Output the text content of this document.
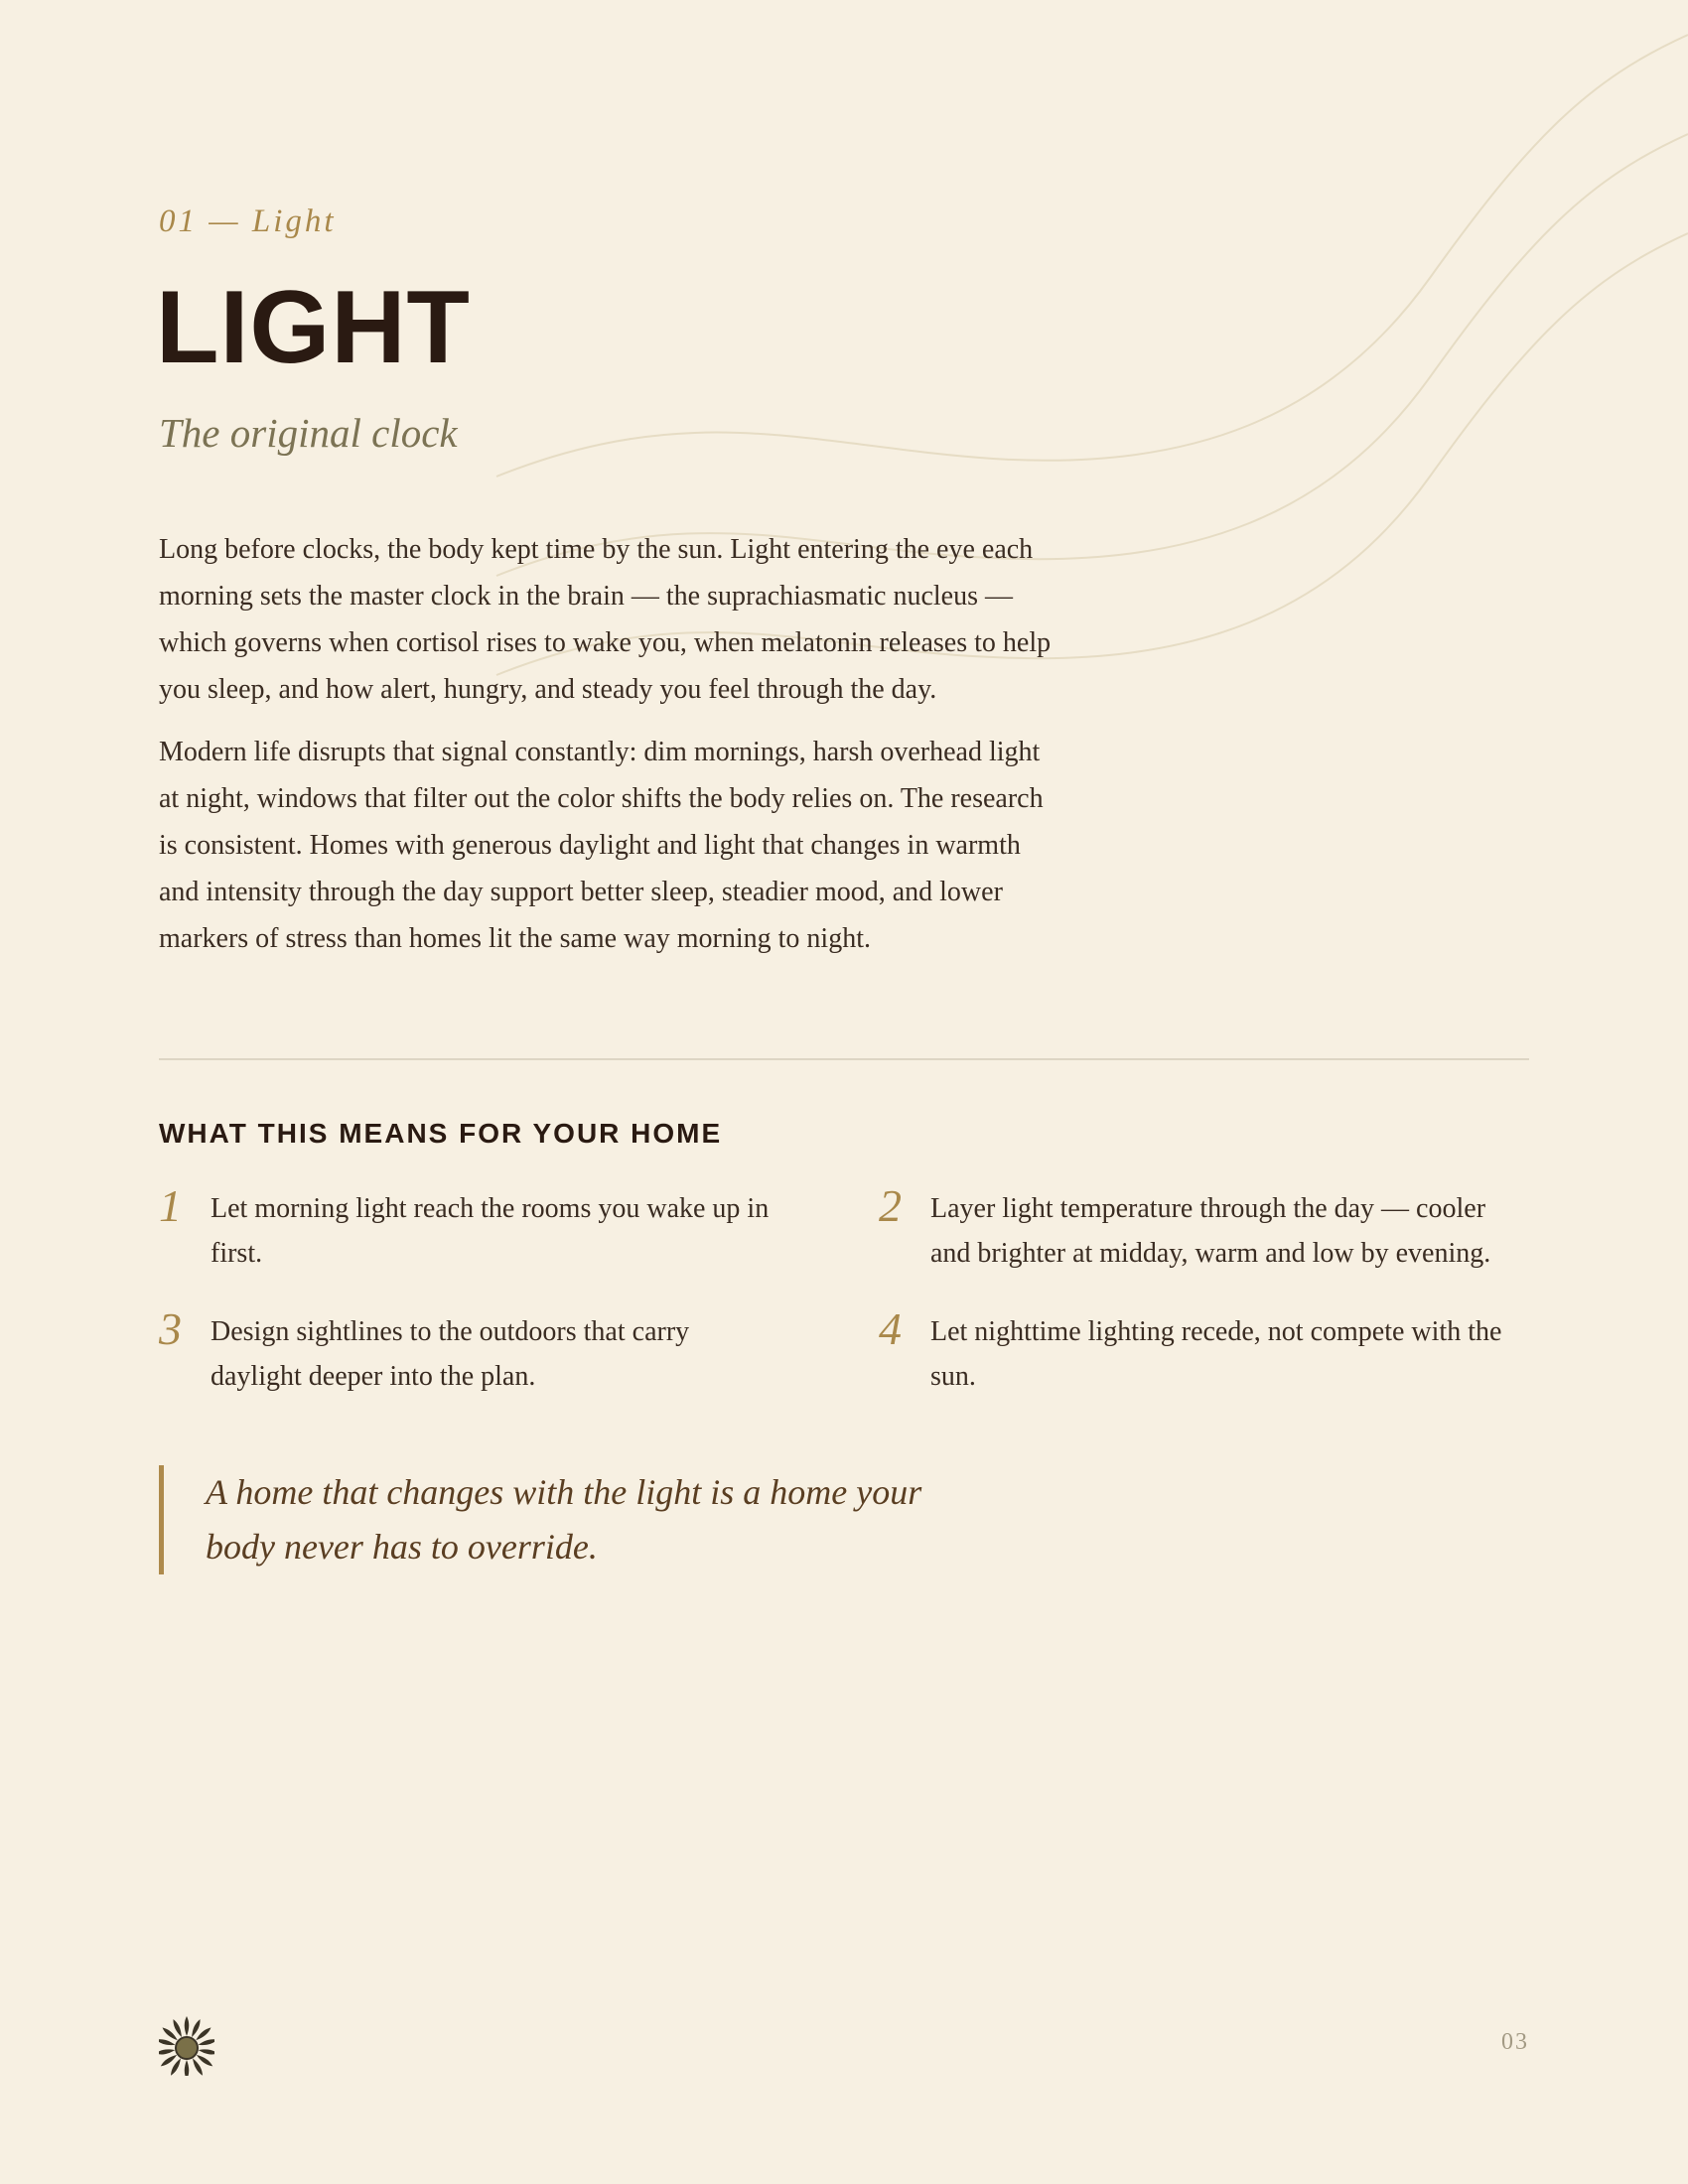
01 — Light
LIGHT
The original clock

Long before clocks, the body kept time by the sun. Light entering the eye each morning sets the master clock in the brain — the suprachiasmatic nucleus — which governs when cortisol rises to wake you, when melatonin releases to help you sleep, and how alert, hungry, and steady you feel through the day.

Modern life disrupts that signal constantly: dim mornings, harsh overhead light at night, windows that filter out the color shifts the body relies on. The research is consistent. Homes with generous daylight and light that changes in warmth and intensity through the day support better sleep, steadier mood, and lower markers of stress than homes lit the same way morning to night.

WHAT THIS MEANS FOR YOUR HOME
1 Let morning light reach the rooms you wake up in first.
2 Layer light temperature through the day — cooler and brighter at midday, warm and low by evening.
3 Design sightlines to the outdoors that carry daylight deeper into the plan.
4 Let nighttime lighting recede, not compete with the sun.
A home that changes with the light is a home your body never has to override.
03
